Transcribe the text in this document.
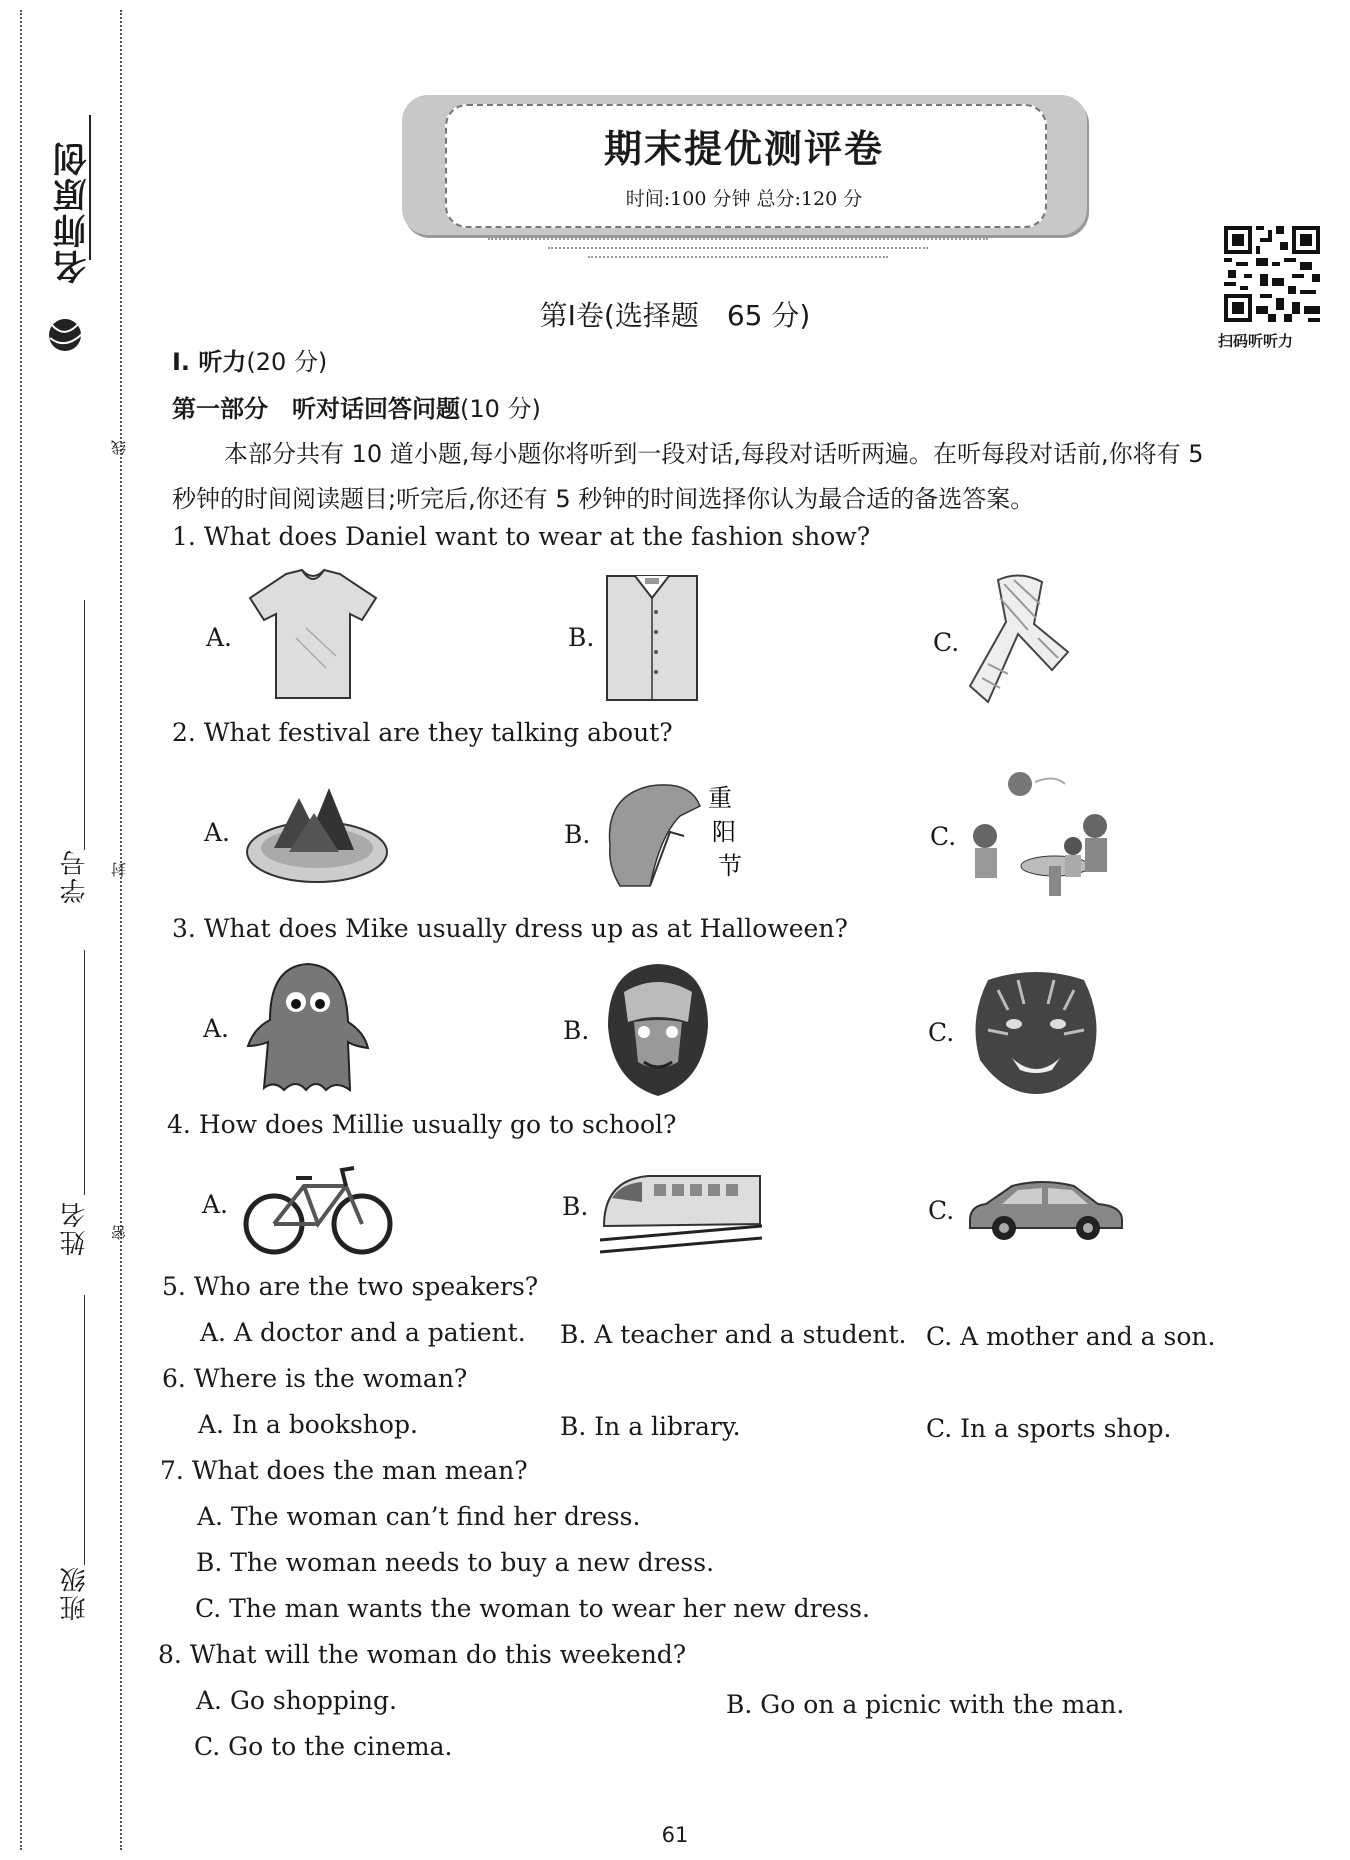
名师原创
线
封
密
学号
姓名
班级
期末提优测评卷
时间:100 分钟 总分:120 分
扫码听听力
第Ⅰ卷(选择题　65 分)
Ⅰ. 听力(20 分)
第一部分　听对话回答问题(10 分)
本部分共有 10 道小题,每小题你将听到一段对话,每段对话听两遍。在听每段对话前,你将有 5 秒钟的时间阅读题目;听完后,你还有 5 秒钟的时间选择你认为最合适的备选答案。
1. What does Daniel want to wear at the fashion show?
A.	B.	C.
2. What festival are they talking about?
A.	B.	C.
重
阳
节
3. What does Mike usually dress up as at Halloween?
A.	B.	C.
4. How does Millie usually go to school?
A.	B.	C.
5. Who are the two speakers?
A. A doctor and a patient. B. A teacher and a student. C. A mother and a son.
6. Where is the woman?
A. In a bookshop.	B. In a library.	C. In a sports shop.
7. What does the man mean?
A. The woman can’t find her dress.
B. The woman needs to buy a new dress.
C. The man wants the woman to wear her new dress.
8. What will the woman do this weekend?
A. Go shopping.	B. Go on a picnic with the man.
C. Go to the cinema.
61
